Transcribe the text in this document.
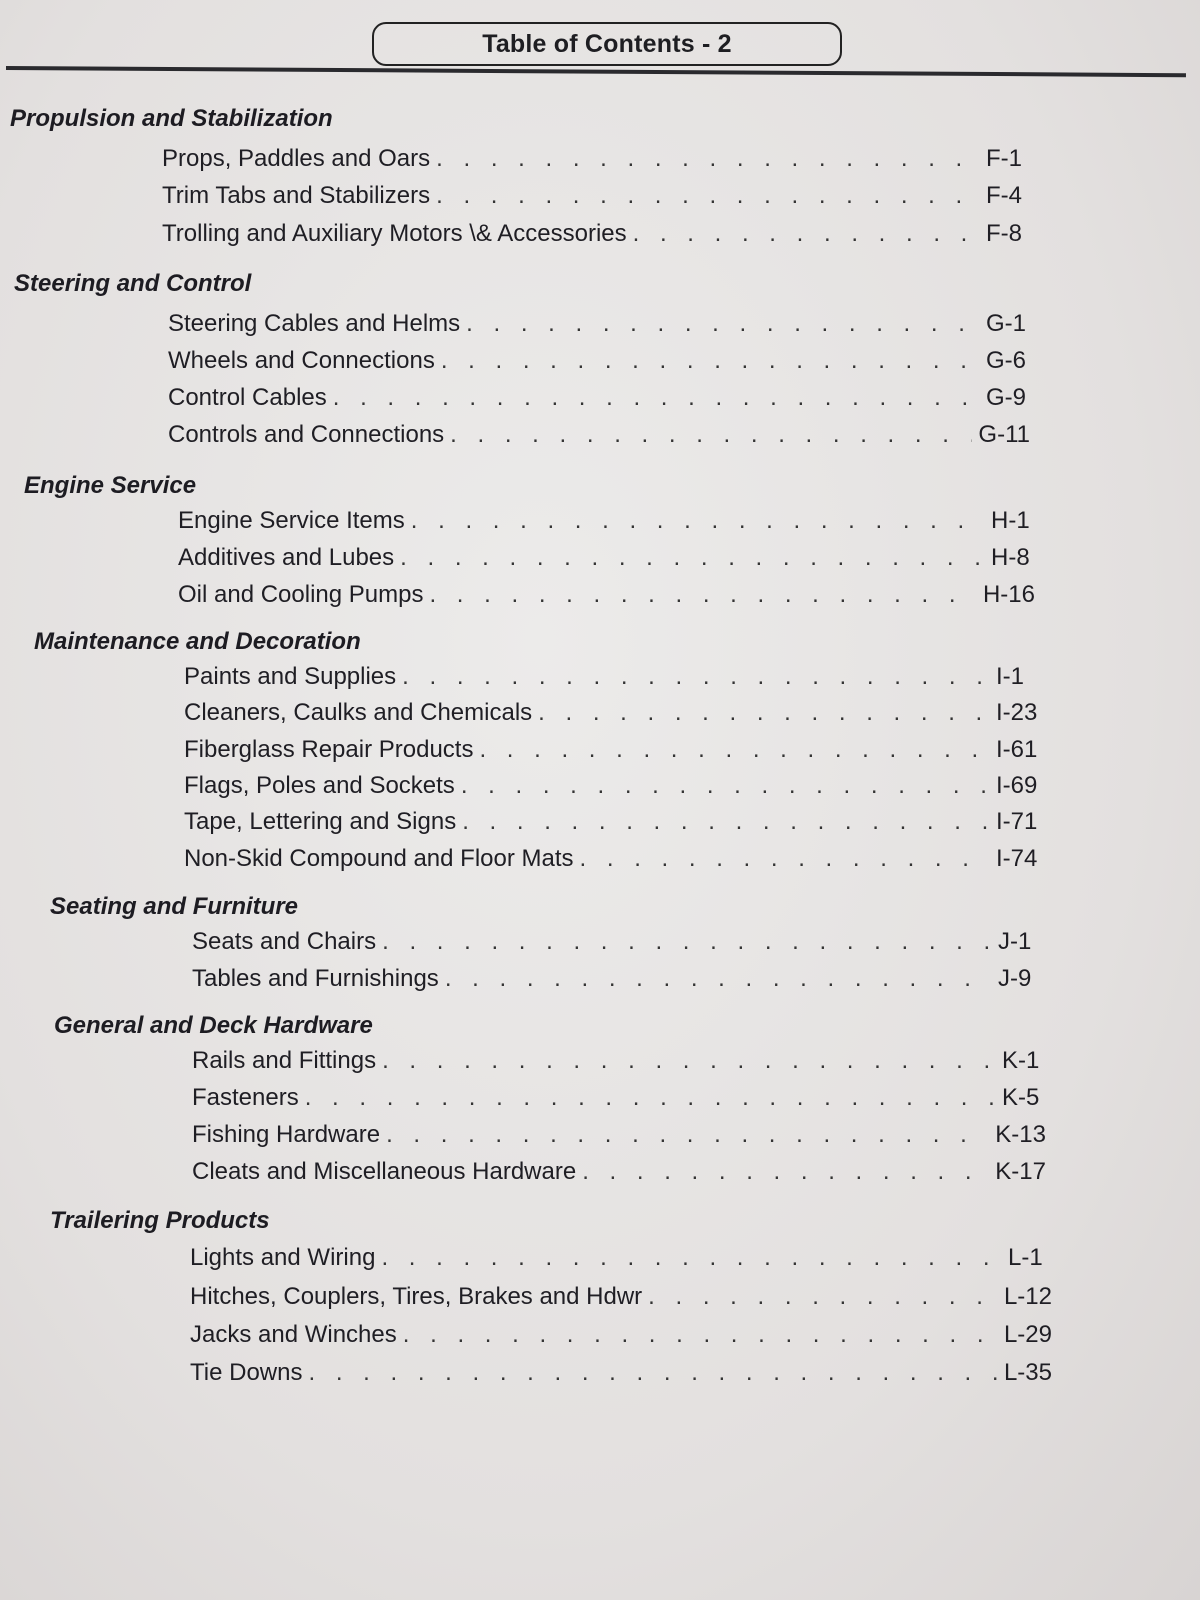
Table of Contents - 2
Propulsion and Stabilization
Props, Paddles and Oars . . .	F-1
Trim Tabs and Stabilizers . . .	F-4
Trolling and Auxiliary Motors \& Accessories . . .	F-8
Steering and Control
Steering Cables and Helms . . .	G-1
Wheels and Connections . . .	G-6
Control Cables . . .	G-9
Controls and Connections . . .	G-11
Engine Service
Engine Service Items . . .	H-1
Additives and Lubes . . .	H-8
Oil and Cooling Pumps . . .	H-16
Maintenance and Decoration
Paints and Supplies . . .	I-1
Cleaners, Caulks and Chemicals . . .	I-23
Fiberglass Repair Products . . .	I-61
Flags, Poles and Sockets . . .	I-69
Tape, Lettering and Signs . . .	I-71
Non-Skid Compound and Floor Mats . . .	I-74
Seating and Furniture
Seats and Chairs . . .	J-1
Tables and Furnishings . . .	J-9
General and Deck Hardware
Rails and Fittings . . .	K-1
Fasteners . . .	K-5
Fishing Hardware . . .	K-13
Cleats and Miscellaneous Hardware . . .	K-17
Trailering Products
Lights and Wiring . . .	L-1
Hitches, Couplers, Tires, Brakes and Hdwr . . .	L-12
Jacks and Winches . . .	L-29
Tie Downs . . .	L-35
